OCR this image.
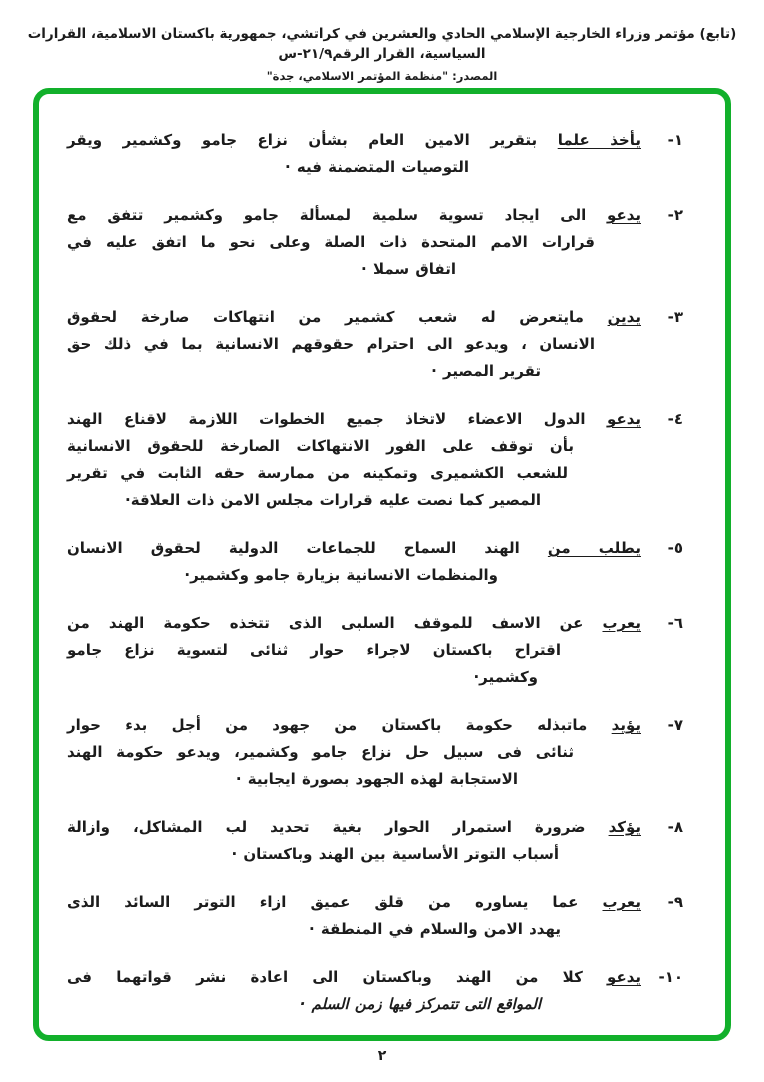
(تابع) مؤتمر وزراء الخارجية الإسلامي الحادي والعشرين في كراتشي، جمهورية باكستان الاسلامية، القرارات السياسية، القرار الرقم٢١/٩-س
المصدر: "منظمة المؤتمر الاسلامي، جدة"
١-
يأخذ علما بتقرير الامين العام بشأن نزاع جامو وكشمير ويقر
التوصيات المتضمنة فيه ·
٢-
يدعو الى ايجاد تسوية سلمية لمسألة جامو وكشمير تتفق مع
قرارات الامم المتحدة ذات الصلة وعلى نحو ما اتفق عليه في
اتفاق سملا ·
٣-
يدين مايتعرض له شعب كشمير من انتهاكات صارخة لحقوق
الانسان ، ويدعو الى احترام حقوقهم الانسانية بما في ذلك حق
تقرير المصير ·
٤-
يدعو الدول الاعضاء لاتخاذ جميع الخطوات اللازمة لاقناع الهند
بأن توقف على الفور الانتهاكات الصارخة للحقوق الانسانية
للشعب الكشميرى وتمكينه من ممارسة حقه الثابت في تقرير
المصير كما نصت عليه قرارات مجلس الامن ذات العلاقة·
٥-
يطلب من الهند السماح للجماعات الدولية لحقوق الانسان
والمنظمات الانسانية بزيارة جامو وكشمير·
٦-
يعرب عن الاسف للموقف السلبى الذى تتخذه حكومة الهند من
اقتراح باكستان لاجراء حوار ثنائى لتسوية نزاع جامو
وكشمير·
٧-
يؤيد ماتبذله حكومة باكستان من جهود من أجل بدء حوار
ثنائى فى سبيل حل نزاع جامو وكشمير، ويدعو حكومة الهند
الاستجابة لهذه الجهود بصورة ايجابية ·
٨-
يؤكد ضرورة استمرار الحوار بغية تحديد لب المشاكل، وازالة
أسباب التوتر الأساسية بين الهند وباكستان ·
٩-
يعرب عما يساوره من قلق عميق ازاء التوتر السائد الذى
يهدد الامن والسلام في المنطقة ·
١٠-
يدعو كلا من الهند وباكستان الى اعادة نشر قواتهما فى
المواقع التى تتمركز فيها زمن السلم ·
٢
